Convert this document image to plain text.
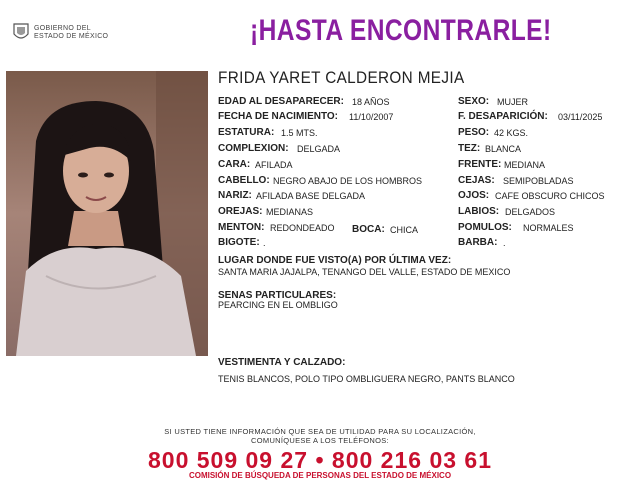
GOBIERNO DEL
ESTADO DE MÉXICO	¡HASTA ENCONTRARLE!
FRIDA YARET CALDERON MEJIA
EDAD AL DESAPARECER: 18 AÑOS
FECHA DE NACIMIENTO: 11/10/2007
ESTATURA: 1.5 MTS.
COMPLEXION: DELGADA
CARA: AFILADA
CABELLO: NEGRO ABAJO DE LOS HOMBROS
NARIZ: AFILADA BASE DELGADA
OREJAS: MEDIANAS
MENTON: REDONDEADO BOCA: CHICA
BIGOTE: .
SEXO: MUJER
F. DESAPARICIÓN: 03/11/2025
PESO: 42 KGS.
TEZ: BLANCA
FRENTE: MEDIANA
CEJAS: SEMIPOBLADAS
OJOS: CAFE OBSCURO CHICOS
LABIOS: DELGADOS
POMULOS: NORMALES
BARBA: .
LUGAR DONDE FUE VISTO(A) POR ÚLTIMA VEZ:
SANTA MARIA JAJALPA, TENANGO DEL VALLE, ESTADO DE MEXICO
SENAS PARTICULARES:
PEARCING EN EL OMBLIGO
VESTIMENTA Y CALZADO:
TENIS BLANCOS, POLO TIPO OMBLIGUERA NEGRO, PANTS BLANCO
SI USTED TIENE INFORMACIÓN QUE SEA DE UTILIDAD PARA SU LOCALIZACIÓN,
COMUNÍQUESE A LOS TELÉFONOS:
800 509 09 27 • 800 216 03 61
COMISIÓN DE BÚSQUEDA DE PERSONAS DEL ESTADO DE MÉXICO
